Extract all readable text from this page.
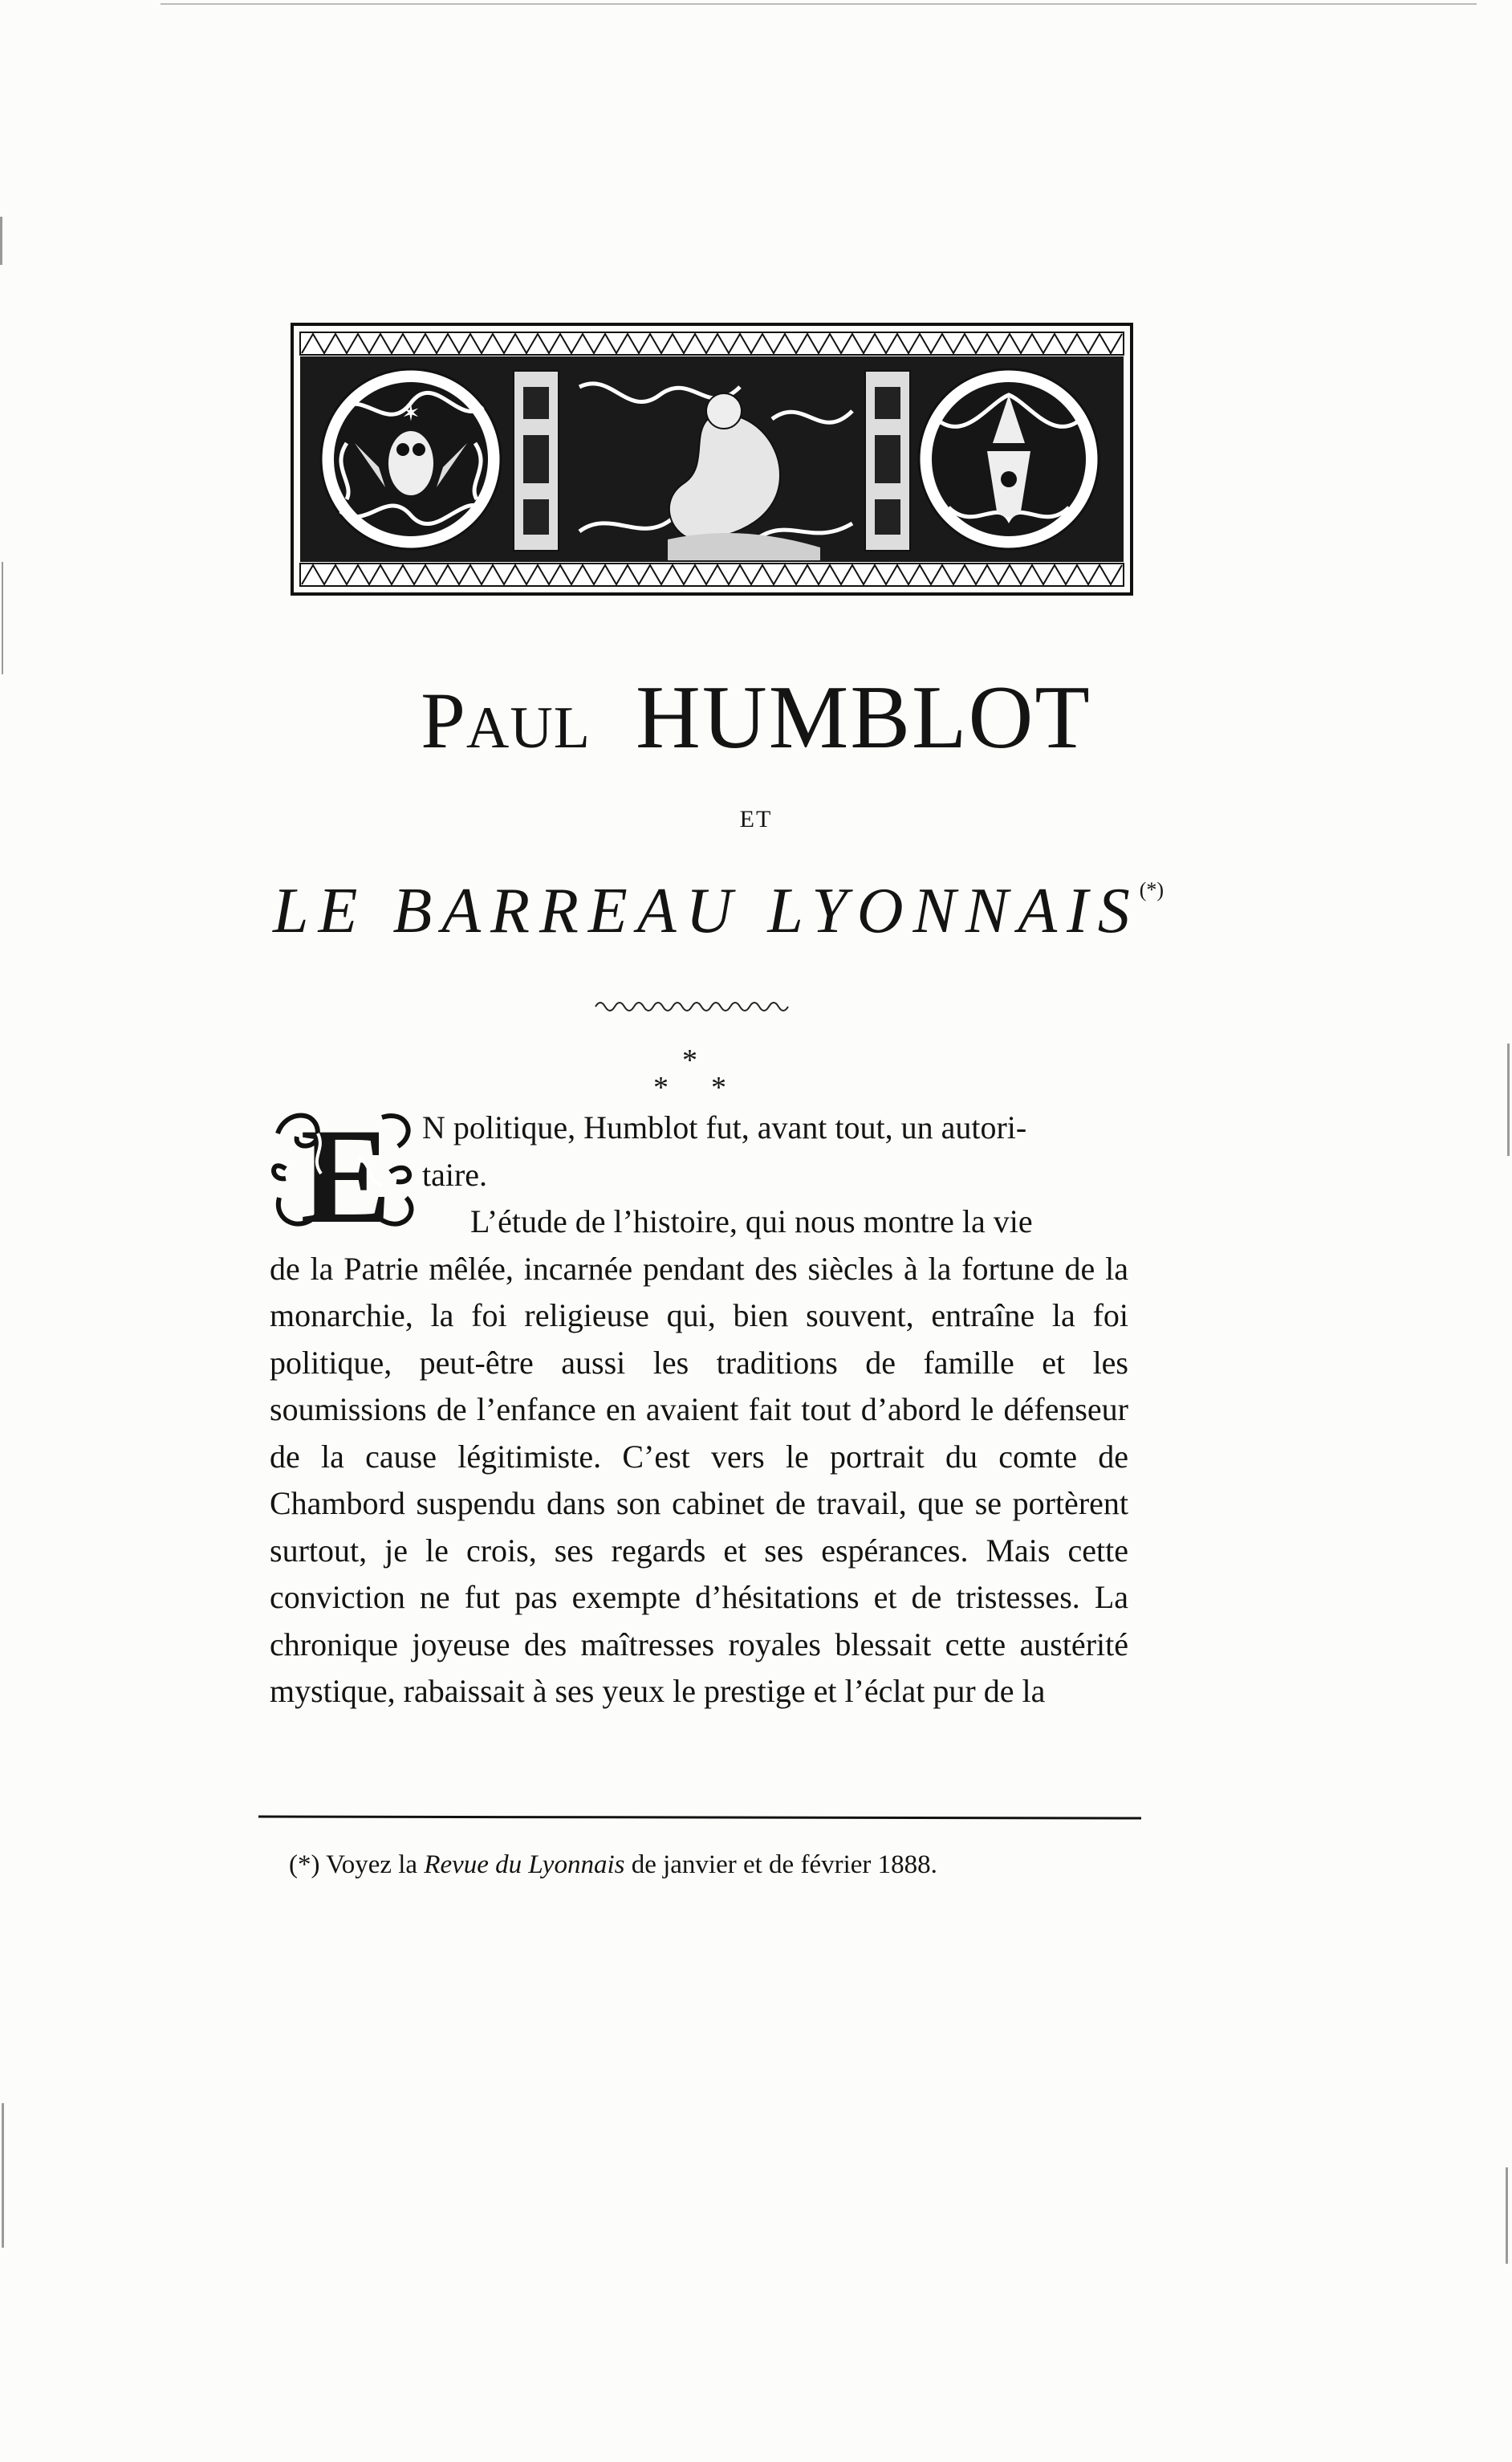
✶
PAUL HUMBLOT
ET
LE BARREAU LYONNAIS(*)
*
* *
E N politique, Humblot fut, avant tout, un autori-
taire.

L’étude de l’histoire, qui nous montre la vie
de la Patrie mêlée, incarnée pendant des siècles à la fortune de la monarchie, la foi religieuse qui, bien souvent, entraîne la foi politique, peut-être aussi les traditions de famille et les soumissions de l’enfance en avaient fait tout d’abord le défenseur de la cause légitimiste. C’est vers le portrait du comte de Chambord suspendu dans son cabinet de travail, que se portèrent surtout, je le crois, ses regards et ses espérances. Mais cette conviction ne fut pas exempte d’hésitations et de tristesses. La chronique joyeuse des maîtresses royales blessait cette austérité mystique, rabaissait à ses yeux le prestige et l’éclat pur de la

(*) Voyez la Revue du Lyonnais de janvier et de février 1888.
